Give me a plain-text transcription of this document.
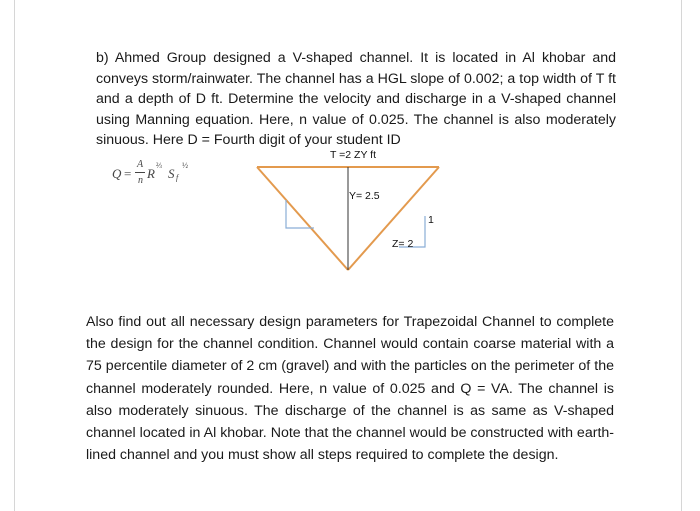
b) Ahmed Group designed a V-shaped channel. It is located in Al khobar and conveys storm/rainwater. The channel has a HGL slope of 0.002; a top width of T ft and a depth of D ft. Determine the velocity and discharge in a V-shaped channel using Manning equation. Here, n value of 0.025. The channel is also moderately sinuous. Here D = Fourth digit of your student ID

Q =
A
n R
⅔
S f
½
T =2 ZY ft
Y= 2.5
Z= 2
1

Also find out all necessary design parameters for Trapezoidal Channel to complete the design for the channel condition. Channel would contain coarse material with a 75 percentile diameter of 2 cm (gravel) and with the particles on the perimeter of the channel moderately rounded. Here, n value of 0.025 and Q = VA. The channel is also moderately sinuous. The discharge of the channel is as same as V-shaped channel located in Al khobar. Note that the channel would be constructed with earth-lined channel and you must show all steps required to complete the design.
